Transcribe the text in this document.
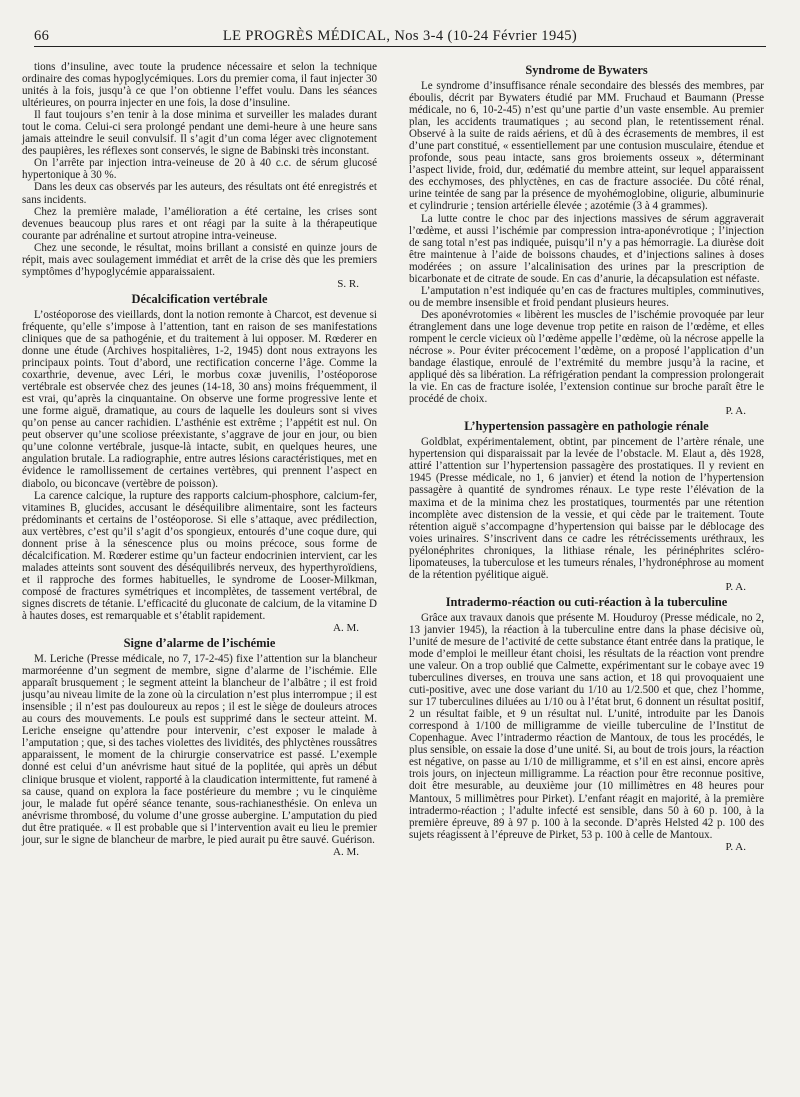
66	LE PROGRÈS MÉDICAL, Nos 3-4 (10-24 Février 1945)

tions d’insuline, avec toute la prudence nécessaire et selon la technique ordinaire des comas hypoglycémiques. Lors du premier coma, il faut injecter 30 unités à la fois, jusqu’à ce que l’on obtienne l’effet voulu. Dans les séances ultérieures, on pourra injecter en une fois, la dose d’insuline.

Il faut toujours s’en tenir à la dose minima et surveiller les malades durant tout le coma. Celui-ci sera prolongé pendant une demi-heure à une heure sans jamais atteindre le seuil convulsif. Il s’agit d’un coma léger avec clignotement des paupières, les réflexes sont conservés, le signe de Babinski très inconstant.

On l’arrête par injection intra-veineuse de 20 à 40 c.c. de sérum glucosé hypertonique à 30 %.

Dans les deux cas observés par les auteurs, des résultats ont été enregistrés et sans incidents.

Chez la première malade, l’amélioration a été certaine, les crises sont devenues beaucoup plus rares et ont réagi par la suite à la thérapeutique courante par adrénaline et surtout atropine intra-veineuse.

Chez une seconde, le résultat, moins brillant a consisté en quinze jours de répit, mais avec soulagement immédiat et arrêt de la crise dès que les premiers symptômes d’hypoglycémie apparaissaient.

S. R.
Décalcification vertébrale

L’ostéoporose des vieillards, dont la notion remonte à Charcot, est devenue si fréquente, qu’elle s’impose à l’attention, tant en raison de ses manifestations cliniques que de sa pathogénie, et du traitement à lui opposer. M. Rœderer en donne une étude (Archives hospitalières, 1-2, 1945) dont nous extrayons les principaux points. Tout d’abord, une rectification concerne l’âge. Comme la coxarthrie, devenue, avec Léri, le morbus coxæ juvenilis, l’ostéoporose vertébrale est observée chez des jeunes (14-18, 30 ans) moins fréquemment, il est vrai, qu’après la cinquantaine. On observe une forme progressive lente et une forme aiguë, dramatique, au cours de laquelle les douleurs sont si vives qu’on pense au cancer rachidien. L’asthénie est extrême ; l’appétit est nul. On peut observer qu’une scoliose préexistante, s’aggrave de jour en jour, ou bien qu’une colonne vertébrale, jusque-là intacte, subit, en quelques heures, une angulation brutale. La radiographie, entre autres lésions caractéristiques, met en évidence le ramollissement de certaines vertèbres, qui prennent l’aspect en diabolo, ou biconcave (vertèbre de poisson).

La carence calcique, la rupture des rapports calcium-phosphore, calcium-fer, vitamines B, glucides, accusant le déséquilibre alimentaire, sont les facteurs prédominants et certains de l’ostéoporose. Si elle s’attaque, avec prédilection, aux vertèbres, c’est qu’il s’agit d’os spongieux, entourés d’une coque dure, qui donnent prise à la sénescence plus ou moins précoce, sous forme de décalcification. M. Rœderer estime qu’un facteur endocrinien intervient, car les malades atteints sont souvent des déséquilibrés nerveux, des hyperthyroïdiens, et il rapproche des formes habituelles, le syndrome de Looser-Milkman, composé de fractures symétriques et incomplètes, de tassement vertébral, de signes discrets de tétanie. L’efficacité du gluconate de calcium, de la vitamine D à hautes doses, est remarquable et s’établit rapidement.

A. M.
Signe d’alarme de l’ischémie

M. Leriche (Presse médicale, no 7, 17-2-45) fixe l’attention sur la blancheur marmoréenne d’un segment de membre, signe d’alarme de l’ischémie. Elle apparaît brusquement ; le segment atteint la blancheur de l’albâtre ; il est froid jusqu’au niveau limite de la zone où la circulation n’est plus interrompue ; il est insensible ; il n’est pas douloureux au repos ; il est le siège de douleurs atroces au cours des mouvements. Le pouls est supprimé dans le secteur atteint. M. Leriche enseigne qu’attendre pour intervenir, c’est exposer le malade à l’amputation ; que, si des taches violettes des lividités, des phlyctènes roussâtres apparaissent, le moment de la chirurgie conservatrice est passé. L’exemple donné est celui d’un anévrisme haut situé de la poplitée, qui après un début clinique brusque et violent, rapporté à la claudication intermittente, fut ramené à sa cause, quand on explora la face postérieure du membre ; vu le cinquième jour, le malade fut opéré séance tenante, sous-rachianesthésie. On enleva un anévrisme thrombosé, du volume d’une grosse aubergine. L’amputation du pied dut être pratiquée. « Il est probable que si l’intervention avait eu lieu le premier jour, sur le signe de blancheur de marbre, le pied aurait pu être sauvé. Guérison.

A. M.
Syndrome de Bywaters

Le syndrome d’insuffisance rénale secondaire des blessés des membres, par éboulis, décrit par Bywaters étudié par MM. Fruchaud et Baumann (Presse médicale, no 6, 10-2-45) n’est qu’une partie d’un vaste ensemble. Au premier plan, les accidents traumatiques ; au second plan, le retentissement rénal. Observé à la suite de raids aériens, et dû à des écrasements de membres, il est d’une part constitué, « essentiellement par une contusion musculaire, étendue et profonde, sous peau intacte, sans gros broiements osseux », déterminant l’aspect livide, froid, dur, œdématié du membre atteint, sur lequel apparaissent des ecchymoses, des phlyctènes, en cas de fracture associée. Du côté rénal, urine teintée de sang par la présence de myohémoglobine, oligurie, albuminurie et cylindrurie ; tension artérielle élevée ; azotémie (3 à 4 grammes).

La lutte contre le choc par des injections massives de sérum aggraverait l’œdème, et aussi l’ischémie par compression intra-aponévrotique ; l’injection de sang total n’est pas indiquée, puisqu’il n’y a pas hémorragie. La diurèse doit être maintenue à l’aide de boissons chaudes, et d’injections salines à doses modérées ; on assure l’alcalinisation des urines par la prescription de bicarbonate et de citrate de soude. En cas d’anurie, la décapsulation est néfaste.

L’amputation n’est indiquée qu’en cas de fractures multiples, comminutives, ou de membre insensible et froid pendant plusieurs heures.

Des aponévrotomies « libèrent les muscles de l’ischémie provoquée par leur étranglement dans une loge devenue trop petite en raison de l’œdème, et elles rompent le cercle vicieux où l’œdème appelle l’œdème, où la nécrose appelle la nécrose ». Pour éviter précocement l’œdème, on a proposé l’application d’un bandage élastique, enroulé de l’extrémité du membre jusqu’à la racine, et appliqué dès sa libération. La réfrigération pendant la compression prolongerait la vie. En cas de fracture isolée, l’extension continue sur broche paraît être le procédé de choix.

P. A.
L’hypertension passagère en pathologie rénale

Goldblat, expérimentalement, obtint, par pincement de l’artère rénale, une hypertension qui disparaissait par la levée de l’obstacle. M. Elaut a, dès 1928, attiré l’attention sur l’hypertension passagère des prostatiques. Il y revient en 1945 (Presse médicale, no 1, 6 janvier) et étend la notion de l’hypertension passagère à quantité de syndromes rénaux. Le type reste l’élévation de la maxima et de la minima chez les prostatiques, tourmentés par une rétention incomplète avec distension de la vessie, et qui cède par le traitement. Toute rétention aiguë s’accompagne d’hypertension qui baisse par le déblocage des voies urinaires. S’inscrivent dans ce cadre les rétrécissements uréthraux, les pyélonéphrites chroniques, la lithiase rénale, les périnéphrites scléro-lipomateuses, la tuberculose et les tumeurs rénales, l’hydronéphrose au moment de la rétention pyélitique aiguë.

P. A.
Intradermo-réaction ou cuti-réaction à la tuberculine

Grâce aux travaux danois que présente M. Houduroy (Presse médicale, no 2, 13 janvier 1945), la réaction à la tuberculine entre dans la phase décisive où, l’unité de mesure de l’activité de cette substance étant entrée dans la pratique, le mode d’emploi le meilleur étant choisi, les résultats de la réaction vont prendre une valeur. On a trop oublié que Calmette, expérimentant sur le cobaye avec 19 tuberculines diverses, en trouva une sans action, et 18 qui provoquaient une cuti-positive, avec une dose variant du 1/10 au 1/2.500 et que, chez l’homme, sur 17 tuberculines diluées au 1/10 ou à l’état brut, 6 donnent un résultat positif, 2 un résultat faible, et 9 un résultat nul. L’unité, introduite par les Danois correspond à 1/100 de milligramme de vieille tuberculine de l’Institut de Copenhague. Avec l’intradermo réaction de Mantoux, de tous les procédés, le plus sensible, on essaie la dose d’une unité. Si, au bout de trois jours, la réaction est négative, on passe au 1/10 de milligramme, et s’il en est ainsi, encore après trois jours, on injecteun milligramme. La réaction pour être reconnue positive, doit être mesurable, au deuxième jour (10 millimètres en 48 heures pour Mantoux, 5 millimètres pour Pirket). L’enfant réagit en majorité, à la première intradermo-réaction ; l’adulte infecté est sensible, dans 50 à 60 p. 100, à la première épreuve, 89 à 97 p. 100 à la seconde. D’après Helsted 42 p. 100 des sujets réagissent à l’épreuve de Pirket, 53 p. 100 à celle de Mantoux.

P. A.
